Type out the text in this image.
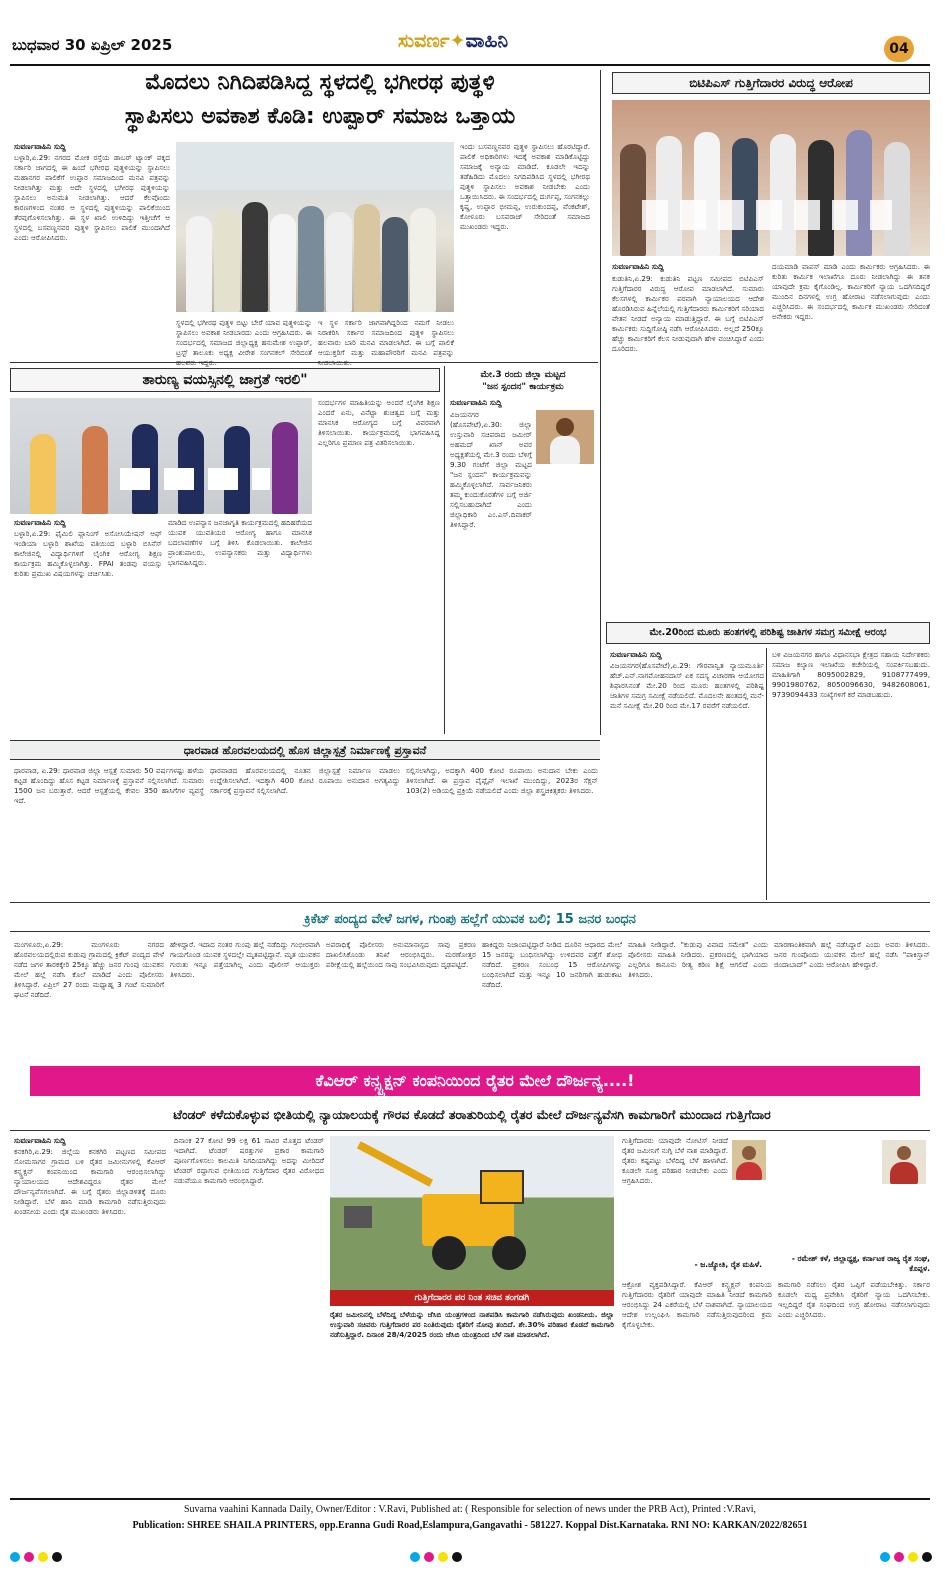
ಬುಧವಾರ 30 ಏಪ್ರಿಲ್ 2025	ಸುವರ್ಣ✦ವಾಹಿನಿ	04
ಮೊದಲು ನಿಗಿದಿಪಡಿಸಿದ್ದ ಸ್ಥಳದಲ್ಲಿ ಭಗೀರಥ ಪುತ್ಥಳಿ
ಸ್ಥಾಪಿಸಲು ಅವಕಾಶ ಕೊಡಿ: ಉಪ್ಪಾರ್ ಸಮಾಜ ಒತ್ತಾಯ
ಸುವರ್ಣವಾಹಿನಿ ಸುದ್ದಿ
ಬಳ್ಳಾರಿ,ಏ.29: ನಗರದ ಮೋಕ ರಸ್ತೆಯ ಡಾಬರ್ ಟ್ಯಾಂಕ್ ಪಕ್ಕದ ಸರ್ಕಾರಿ ಜಾಗದಲ್ಲಿ ಈ ಹಿಂದೆ ಭಗೀರಥ ಪುತ್ಥಳಿಯನ್ನು ಸ್ಥಾಪಿಸಲು ಮಹಾನಗರ ಪಾಲಿಕೆಗೆ ಉಪ್ಪಾರ ಸಮಾಜದಿಂದ ಮನವಿ ಪತ್ರವನ್ನು ನೀಡಲಾಗಿತ್ತು ಮತ್ತು ಅದೇ ಸ್ಥಳದಲ್ಲಿ ಭಗೀರಥ ಪುತ್ಥಳಿಯನ್ನು ಸ್ಥಾಪಿಸಲು ಅನುಮತಿ ನೀಡಲಾಗಿತ್ತು. ಆದರೆ ಕೆಲವೊಂದು ಕಾರಣಗಳಿಂದ ನಂತರ ಆ ಸ್ಥಳದಲ್ಲಿ ಪುತ್ಥಳಿಯನ್ನು ಪಾಲಿಕೆಯಿಂದ ತೆರವುಗೊಳಿಸಲಾಗಿತ್ತು. ಈ ಸ್ಥಳ ಖಾಲಿ ಉಳಿದಿದ್ದು ಇತ್ತೀಚೆಗೆ ಆ ಸ್ಥಳದಲ್ಲಿ ಬಸವಣ್ಣನವರ ಪುತ್ಥಳಿ ಸ್ಥಾಪಿಸಲು ಪಾಲಿಕೆ ಮುಂದಾಗಿದೆ ಎಂದು ಆರೋಪಿಸಿದರು.
ಸ್ಥಳದಲ್ಲಿ ಭಗೀರಥ ಪುತ್ಥಳಿ ಬಿಟ್ಟು ಬೇರೆ ಯಾವ ಪುತ್ಥಳಿಯನ್ನು ಸ್ಥಾಪಿಸಲು ಅವಕಾಶ ನೀಡಬಾರದು ಎಂದು ಆಗ್ರಹಿಸಿದರು. ಈ ಸಂದರ್ಭದಲ್ಲಿ ಸಮಾಜದ ಜಿಲ್ಲಾಧ್ಯಕ್ಷ ಹನುಮೇಶ ಉಪ್ಪಾರ್, ಟ್ರಸ್ಟ್ ತಾಲೂಕು ಅಧ್ಯಕ್ಷ ವೀರೇಶ ಸಂಗನಕಲ್ ಸೇರಿದಂತೆ
ಇ ಸ್ಥಳ ಸರ್ಕಾರಿ ಜಾಗವಾಗಿದ್ದರಿಂದ ನಮಗೆ ನೀಡಲು ನಿರಾಕರಿಸಿ ಸರ್ಕಾರ ಸಮಾಜದಿಂದ ಪುತ್ಥಳಿ ಸ್ಥಾಪಿಸಲು ಹಲವಾರು ಬಾರಿ ಮನವಿ ಮಾಡಲಾಗಿದೆ. ಈ ಬಗ್ಗೆ ಪಾಲಿಕೆ ಆಯುಕ್ತರಿಗೆ ಮತ್ತು ಮಹಾಪೌರರಿಗೆ ಮನವಿ ಪತ್ರವನ್ನು
ಇಂದು ಬಸವಣ್ಣನವರ ಪುತ್ಥಳಿ ಸ್ಥಾಪಿಸಲು ಹೊರಟಿದ್ದಾರೆ. ಪಾಲಿಕೆ ಅಧಿಕಾರಿಗಳು ಇದಕ್ಕೆ ಅವಕಾಶ ಮಾಡಿಕೊಟ್ಟಿದ್ದು ಸಮಾಜಕ್ಕೆ ಅನ್ಯಾಯ ಮಾಡಿದೆ. ಕೂಡಲೇ ಇದನ್ನು ತಡೆಹಿಡಿದು ಮೊದಲು ನಿಗದಿಪಡಿಸಿದ ಸ್ಥಳದಲ್ಲಿ ಭಗೀರಥ ಪುತ್ಥಳಿ ಸ್ಥಾಪಿಸಲು ಅವಕಾಶ ನೀಡಬೇಕು ಎಂದು ಒತ್ತಾಯಿಸಿದರು. ಈ ಸಂದರ್ಭದಲ್ಲಿ ದುರ್ಗಪ್ಪ, ಸಂಗನಕಲ್ಲು ಕೃಷ್ಣ, ಉಪ್ಪಾರ ಭೀಮಪ್ಪ, ಉರುಕುಂದಪ್ಪ, ವೆಂಕಟೇಶ್, ಕೋಳೂರು ಬಸವರಾಜ್ ಸೇರಿದಂತೆ ಸಮಾಜದ ಮುಖಂಡರು ಇದ್ದರು.
ಬಿಟಿಪಿಎಸ್ ಗುತ್ತಿಗೆದಾರರ ವಿರುದ್ಧ ಆರೋಪ
ಸುವರ್ಣವಾಹಿನಿ ಸುದ್ದಿ
ಕುಡುತಿನಿ,ಏ.29: ಕುಡುತಿನಿ ಪಟ್ಟಣ ಸಮೀಪದ ಬಿಟಿಪಿಎಸ್ ಗುತ್ತಿಗೆದಾರರ ವಿರುದ್ಧ ಆರೋಪ ಮಾಡಲಾಗಿದೆ. ಸುಮಾರು ಕೆಲಸಗಳಲ್ಲಿ ಕಾರ್ಮಿಕರ ಪರವಾಗಿ ನ್ಯಾಯಾಲಯದ ಆದೇಶ ಹೊರಡಿಸಿರುವ ಹಿನ್ನೆಲೆಯಲ್ಲಿ ಗುತ್ತಿಗೆದಾರರು ಕಾರ್ಮಿಕರಿಗೆ ಸರಿಯಾದ ವೇತನ ನೀಡದೆ ಅನ್ಯಾಯ ಮಾಡುತ್ತಿದ್ದಾರೆ. ಈ ಬಗ್ಗೆ ಬಿಟಿಪಿಎಸ್ ಕಾರ್ಮಿಕರು ಸುದ್ದಿಗೋಷ್ಠಿ ನಡೆಸಿ ಆರೋಪಿಸಿದರು. ಅಲ್ಲದೆ 250ಕ್ಕೂ ಹೆಚ್ಚು ಕಾರ್ಮಿಕರಿಗೆ ಕೆಲಸ ನೀಡುವುದಾಗಿ ಹೇಳಿ ವಂಚಿಸಿದ್ದಾರೆ ಎಂದು ದೂರಿದರು.
ದಯಮಾಡಿ ವಾಪಸ್ ಮಾಡಿ ಎಂದು ಕಾರ್ಮಿಕರು ಆಗ್ರಹಿಸಿದರು. ಈ ಕುರಿತು ಕಾರ್ಮಿಕ ಇಲಾಖೆಗೂ ದೂರು ನೀಡಲಾಗಿದ್ದು ಈ ತನಕ ಯಾವುದೇ ಕ್ರಮ ಕೈಗೊಂಡಿಲ್ಲ. ಕಾರ್ಮಿಕರಿಗೆ ನ್ಯಾಯ ಒದಗಿಸದಿದ್ದರೆ ಮುಂದಿನ ದಿನಗಳಲ್ಲಿ ಉಗ್ರ ಹೋರಾಟ ನಡೆಸಲಾಗುವುದು ಎಂದು ಎಚ್ಚರಿಸಿದರು. ಈ ಸಂದರ್ಭದಲ್ಲಿ ಕಾರ್ಮಿಕ ಮುಖಂಡರು ಸೇರಿದಂತೆ ಅನೇಕರು ಇದ್ದರು.
ತಾರುಣ್ಯ ವಯಸ್ಸಿನಲ್ಲಿ ಜಾಗ್ರತೆ ಇರಲಿ"
ಸುವರ್ಣವಾಹಿನಿ ಸುದ್ದಿ
ಬಳ್ಳಾರಿ,ಏ.29: ಫೈಮಿಲಿ ಪ್ಲಾನಿಂಗ್ ಅಸೋಸಿಯೇಷನ್ ಆಫ್ ಇಂಡಿಯಾ ಬಳ್ಳಾರಿ ಶಾಖೆಯ ವತಿಯಿಂದ ಬಳ್ಳಾರಿ ಬಿಸಿನೆಸ್ ಕಾಲೇಜಿನಲ್ಲಿ ವಿದ್ಯಾರ್ಥಿಗಳಿಗೆ ಲೈಂಗಿಕ ಆರೋಗ್ಯ ಶಿಕ್ಷಣ ಕಾರ್ಯಕ್ರಮ ಹಮ್ಮಿಕೊಳ್ಳಲಾಗಿತ್ತು. FPAI ತಂಡವು ವಯಸ್ಸು ಕುರಿತು ಪ್ರಮುಖ ವಿಷಯಗಳನ್ನು ಚರ್ಚಿಸಿತು.
ಮಾಡಿದ ಉಪನ್ಯಾಸ ಜನಜಾಗೃತಿ ಕಾರ್ಯಕ್ರಮದಲ್ಲಿ ಹದಿಹರೆಯದ ಯುವಕ ಯುವತಿಯರ ಆರೋಗ್ಯ ಹಾಗೂ ಮಾನಸಿಕ ಬದಲಾವಣೆಗಳ ಬಗ್ಗೆ ತಿಳಿಸಿ ಕೊಡಲಾಯಿತು. ಕಾಲೇಜಿನ ಪ್ರಾಂಶುಪಾಲರು, ಉಪನ್ಯಾಸಕರು ಮತ್ತು ವಿದ್ಯಾರ್ಥಿಗಳು ಭಾಗವಹಿಸಿದ್ದರು.
ಸಂದರ್ಭಗಳ ಮಾಹಿತಿಯನ್ನು ಅಂದರೆ ಲೈಂಗಿಕ ಶಿಕ್ಷಣ ಎಂದರೆ ಏನು, ವಿನೆಟ್ಟಾ ಶುಚಿತ್ವದ ಬಗ್ಗೆ ಮತ್ತು ಮಾನಸಿಕ ಆರೋಗ್ಯದ ಬಗ್ಗೆ ವಿವರವಾಗಿ ತಿಳಿಸಲಾಯಿತು. ಕಾರ್ಯಕ್ರಮದಲ್ಲಿ ಭಾಗವಹಿಸಿದ್ದ ಎಲ್ಲರಿಗೂ ಪ್ರಮಾಣ ಪತ್ರ ವಿತರಿಸಲಾಯಿತು.
ಮೇ.3 ರಂದು ಜಿಲ್ಲಾ ಮಟ್ಟದ
"ಜನ ಸ್ಪಂದನ" ಕಾರ್ಯಕ್ರಮ
ಸುವರ್ಣವಾಹಿನಿ ಸುದ್ದಿ
ವಿಜಯನಗರ (ಹೊಸಪೇಟೆ),ಏ.30: ಜಿಲ್ಲಾ ಉಸ್ತುವಾರಿ ಸಚಿವರಾದ ಜಮೀರ್ ಅಹಮದ್ ಖಾನ್ ಅವರ ಅಧ್ಯಕ್ಷತೆಯಲ್ಲಿ ಮೇ.3 ರಂದು ಬೆಳಿಗ್ಗೆ 9.30 ಗಂಟೆಗೆ ಜಿಲ್ಲಾ ಮಟ್ಟದ "ಜನ ಸ್ಪಂದನ" ಕಾರ್ಯಕ್ರಮವನ್ನು ಹಮ್ಮಿಕೊಳ್ಳಲಾಗಿದೆ. ಸಾರ್ವಜನಿಕರು ತಮ್ಮ ಕುಂದುಕೊರತೆಗಳ ಬಗ್ಗೆ ಅರ್ಜಿ ಸಲ್ಲಿಸಬಹುದಾಗಿದೆ ಎಂದು ಜಿಲ್ಲಾಧಿಕಾರಿ ಎಂ.ಎಸ್.ದಿವಾಕರ್ ತಿಳಿಸಿದ್ದಾರೆ.
ಮೇ.20ರಿಂದ ಮೂರು ಹಂತಗಳಲ್ಲಿ ಪರಿಶಿಷ್ಟ ಜಾತಿಗಳ ಸಮಗ್ರ ಸಮೀಕ್ಷೆ ಆರಂಭ
ಸುವರ್ಣವಾಹಿನಿ ಸುದ್ದಿ
ವಿಜಯನಗರ(ಹೊಸಪೇಟೆ),ಏ.29: ಗೌರವಾನ್ವಿತ ನ್ಯಾಯಮೂರ್ತಿ ಹೆಚ್.ಎನ್.ನಾಗಮೋಹನದಾಸ್ ಏಕ ಸದಸ್ಯ ವಿಚಾರಣಾ ಆಯೋಗದ ಶಿಫಾರಸಿನಂತೆ ಮೇ.20 ರಿಂದ ಮೂರು ಹಂತಗಳಲ್ಲಿ ಪರಿಶಿಷ್ಟ ಜಾತಿಗಳ ಸಮಗ್ರ ಸಮೀಕ್ಷೆ ನಡೆಯಲಿದೆ. ಮೊದಲನೇ ಹಂತದಲ್ಲಿ ಮನೆ-ಮನೆ ಸಮೀಕ್ಷೆ ಮೇ.20 ರಿಂದ ಮೇ.17 ರವರೆಗೆ ನಡೆಯಲಿದೆ.
ಬಳಿ ವಿಜಯನಗರ ಹಾಗೂ ವಿಧಾನಸಭಾ ಕ್ಷೇತ್ರದ ಸಹಾಯ ನಿರ್ದೇಶಕರು ಸಮಾಜ ಕಲ್ಯಾಣ ಇಲಾಖೆಯ ಕಚೇರಿಯಲ್ಲಿ ಸಂಪರ್ಕಿಸಬಹುದು. ಮಾಹಿತಿಗಾಗಿ 8095002829, 9108777499, 9901980762, 8050096630, 9482608061, 9739094433 ಸಂಖ್ಯೆಗಳಿಗೆ ಕರೆ ಮಾಡಬಹುದು.
ಧಾರವಾಡ ಹೊರವಲಯದಲ್ಲಿ ಹೊಸ ಜಿಲ್ಲಾಸ್ಪತ್ರೆ ನಿರ್ಮಾಣಕ್ಕೆ ಪ್ರಸ್ತಾವನೆ
ಧಾರವಾಡ, ಏ.29: ಧಾರವಾಡ ಜಿಲ್ಲಾ ಆಸ್ಪತ್ರೆ ಸುಮಾರು 50 ವರ್ಷಗಳಷ್ಟು ಹಳೆಯ ಕಟ್ಟಡ ಹೊಂದಿದ್ದು ಹೊಸ ಕಟ್ಟಡ ನಿರ್ಮಾಣಕ್ಕೆ ಪ್ರಸ್ತಾವನೆ ಸಲ್ಲಿಸಲಾಗಿದೆ. ಸುಮಾರು 1500 ಜನ ಬರುತ್ತಾರೆ. ಆದರೆ ಆಸ್ಪತ್ರೆಯಲ್ಲಿ ಕೇವಲ 350 ಹಾಸಿಗೆಗಳ ವ್ಯವಸ್ಥೆ ಇದೆ.
ಧಾರವಾಡದ ಹೊರವಲಯದಲ್ಲಿ ನೂತನ ಜಿಲ್ಲಾಸ್ಪತ್ರೆ ನಿರ್ಮಾಣ ಮಾಡಲು ಉದ್ದೇಶಿಸಲಾಗಿದೆ. ಇದಕ್ಕಾಗಿ 400 ಕೋಟಿ ರೂಪಾಯಿ ಅನುದಾನ ಅಗತ್ಯವಿದ್ದು ಸರ್ಕಾರಕ್ಕೆ ಪ್ರಸ್ತಾವನೆ ಸಲ್ಲಿಸಲಾಗಿದೆ.
ಸಲ್ಲಿಸಲಾಗಿದ್ದು, ಅದಕ್ಕಾಗಿ 400 ಕೋಟಿ ರೂಪಾಯಿ ಅನುದಾನ ಬೇಕು ಎಂದು ತಿಳಿಸಲಾಗಿದೆ. ಈ ಪ್ರಸ್ತಾವ ಪೈಪ್ಲೈನ್ ಇಲಾಖೆ ಮುಂದಿದ್ದು, 2023ರ ಸೆಕ್ಷನ್ 103(2) ಅಡಿಯಲ್ಲಿ ಪ್ರಕ್ರಿಯೆ ನಡೆಯಲಿದೆ ಎಂದು ಜಿಲ್ಲಾ ಶಸ್ತ್ರಚಿಕಿತ್ಸಕರು ತಿಳಿಸಿದರು.
ಕ್ರಿಕೆಟ್ ಪಂದ್ಯದ ವೇಳೆ ಜಗಳ, ಗುಂಪು ಹಲ್ಲೆಗೆ ಯುವಕ ಬಲಿ; 15 ಜನರ ಬಂಧನ
ಮಂಗಳೂರು,ಏ.29: ಮಂಗಳೂರು ನಗರದ ಹೊರವಲಯದಲ್ಲಿರುವ ಕುಡುಪು ಗ್ರಾಮದಲ್ಲಿ ಕ್ರಿಕೆಟ್ ಪಂದ್ಯದ ವೇಳೆ ನಡೆದ ಜಗಳ ತಾರಕಕ್ಕೇರಿ 25ಕ್ಕೂ ಹೆಚ್ಚು ಜನರ ಗುಂಪು ಯುವಕನ ಮೇಲೆ ಹಲ್ಲೆ ನಡೆಸಿ ಕೊಲೆ ಮಾಡಿದೆ ಎಂದು ಪೊಲೀಸರು ತಿಳಿಸಿದ್ದಾರೆ. ಏಪ್ರಿಲ್ 27 ರಂದು ಮಧ್ಯಾಹ್ನ 3 ಗಂಟೆ ಸುಮಾರಿಗೆ ಘಟನೆ ನಡೆದಿದೆ.
ಹೇಳಿದ್ದಾರೆ. ಇದಾದ ನಂತರ ಗುಂಪು ಹಲ್ಲೆ ನಡೆದಿದ್ದು ಗಂಭೀರವಾಗಿ ಗಾಯಗೊಂಡ ಯುವಕ ಸ್ಥಳದಲ್ಲೇ ಮೃತಪಟ್ಟಿದ್ದಾನೆ. ಮೃತ ಯುವಕನ ಗುರುತು ಇನ್ನೂ ಪತ್ತೆಯಾಗಿಲ್ಲ ಎಂದು ಪೊಲೀಸ್ ಆಯುಕ್ತರು ತಿಳಿಸಿದರು.
ಅಪರಾಧಿಕ್ಕೆ ಪೊಲೀಸರು ಅನುಮಾನಾಸ್ಪದ ಸಾವು ಪ್ರಕರಣ ದಾಖಲಿಸಿಕೊಂಡು ತನಿಖೆ ಆರಂಭಿಸಿದ್ದರು. ಮರಣೋತ್ತರ ಪರೀಕ್ಷೆಯಲ್ಲಿ ಹಲ್ಲೆಯಿಂದ ಸಾವು ಸಂಭವಿಸಿರುವುದು ದೃಢಪಟ್ಟಿದೆ.
ಹಾಕಿದ್ದರು ನಿಜಾಂಪಟ್ಟಿದ್ದಾರೆ ನೀಡಿದ ದೂರಿನ ಆಧಾರದ ಮೇಲೆ 15 ಜನರನ್ನು ಬಂಧಿಸಲಾಗಿದ್ದು ಉಳಿದವರ ಪತ್ತೆಗೆ ಶೋಧ ನಡೆದಿದೆ. ಪ್ರಕರಣ ಸಂಬಂಧ 15 ಆರೋಪಿಗಳನ್ನು ಬಂಧಿಸಲಾಗಿದೆ ಮತ್ತು ಇನ್ನೂ 10 ಜನರಿಗಾಗಿ ಹುಡುಕಾಟ ನಡೆದಿದೆ.
ಮಾಹಿತಿ ನೀಡಿದ್ದಾರೆ. "ಕುಡುಪು ವಿವಾದ ಸಮೇತ" ಎಂದು ಪೊಲೀಸರು ಮಾಹಿತಿ ನೀಡಿದರು. ಪ್ರಕರಣದಲ್ಲಿ ಭಾಗಿಯಾದ ಎಲ್ಲರಿಗೂ ಕಾನೂನು ರೀತ್ಯ ಕಠಿಣ ಶಿಕ್ಷೆ ಆಗಲಿದೆ ಎಂದು ತಿಳಿಸಿದರು.
ಮಾರಣಾಂತಿಕವಾಗಿ ಹಲ್ಲೆ ನಡೆಸಿದ್ದಾರೆ ಎಂದು ಅವರು ತಿಳಿಸಿದರು. ಜನರ ಗುಂಪೊಂದು ಯುವಕನ ಮೇಲೆ ಹಲ್ಲೆ ನಡೆಸಿ "ಪಾಕಿಸ್ತಾನ್ ಜಿಂದಾಬಾದ್" ಎಂದು ಆರೋಪಿಸಿ ಹೇಳಿದ್ದಾರೆ.
ಕೆವಿಆರ್ ಕನ್ಸ್ಟ್ರಕ್ಷನ್ ಕಂಪನಿಯಿಂದ ರೈತರ ಮೇಲೆ ದೌರ್ಜನ್ಯ....!
ಟೆಂಡರ್ ಕಳೆದುಕೊಳ್ಳುವ ಭೀತಿಯಲ್ಲಿ ನ್ಯಾಯಾಲಯಕ್ಕೆ ಗೌರವ ಕೊಡದೆ ತರಾತುರಿಯಲ್ಲಿ ರೈತರ ಮೇಲೆ ದೌರ್ಜನ್ಯವೆಸಗಿ ಕಾಮಗಾರಿಗೆ ಮುಂದಾದ ಗುತ್ತಿಗೆದಾರ
ಸುವರ್ಣವಾಹಿನಿ ಸುದ್ದಿ
ಕನಕಗಿರಿ,ಏ.29: ಜಿಲ್ಲೆಯ ಕನಕಗಿರಿ ಪಟ್ಟಣದ ಸಮೀಪದ ಸೋಮಸಾಗರ ಗ್ರಾಮದ ಬಳಿ ರೈತರ ಜಮೀನುಗಳಲ್ಲಿ ಕೆವಿಆರ್ ಕನ್ಸ್ಟ್ರಕ್ಷನ್ ಕಂಪನಿಯಿಂದ ಕಾಮಗಾರಿ ಆರಂಭಿಸಲಾಗಿದ್ದು ನ್ಯಾಯಾಲಯದ ಆದೇಶವಿದ್ದರೂ ರೈತರ ಮೇಲೆ ದೌರ್ಜನ್ಯವೆಸಗಲಾಗಿದೆ. ಈ ಬಗ್ಗೆ ರೈತರು ಜಿಲ್ಲಾಡಳಿತಕ್ಕೆ ದೂರು ನೀಡಿದ್ದಾರೆ. ಬೆಳೆ ಹಾನಿ ಮಾಡಿ ಕಾಮಗಾರಿ ನಡೆಸುತ್ತಿರುವುದು ಖಂಡನೀಯ ಎಂದು ರೈತ ಮುಖಂಡರು ತಿಳಿಸಿದರು.
ದಿನಾಂಕ 27 ಕೋಟಿ 99 ಲಕ್ಷ 61 ಸಾವಿರ ಮೊತ್ತದ ಟೆಂಡರ್ ಇದಾಗಿದೆ. ಟೆಂಡರ್ ಷರತ್ತುಗಳ ಪ್ರಕಾರ ಕಾಮಗಾರಿ ಪೂರ್ಣಗೊಳಿಸಲು ಕಾಲಮಿತಿ ನಿಗದಿಯಾಗಿದ್ದು ಅದನ್ನು ಮೀರಿದರೆ ಟೆಂಡರ್ ರದ್ದಾಗುವ ಭೀತಿಯಿಂದ ಗುತ್ತಿಗೆದಾರ ರೈತರ ವಿರೋಧದ ನಡುವೆಯೂ ಕಾಮಗಾರಿ ಆರಂಭಿಸಿದ್ದಾರೆ.
ಗುತ್ತಿಗೆದಾರರ ಪರ ನಿಂತ ಸಚಿವ ತಂಗಡಗಿ
ರೈತರ ಜಮೀನಿನಲ್ಲಿ ಬೆಳೆದಿದ್ದ ಬೆಳೆಯನ್ನು ಜೆಸಿಬಿ ಯಂತ್ರಗಳಿಂದ ನಾಶಪಡಿಸಿ ಕಾಮಗಾರಿ ನಡೆಸಿರುವುದು ಖಂಡನೀಯ. ಜಿಲ್ಲಾ ಉಸ್ತುವಾರಿ ಸಚಿವರು ಗುತ್ತಿಗೆದಾರರ ಪರ ನಿಂತಿರುವುದು ರೈತರಿಗೆ ನೋವು ತಂದಿದೆ. ಶೇ.30% ಪರಿಹಾರ ಕೊಡದೆ ಕಾಮಗಾರಿ ನಡೆಸುತ್ತಿದ್ದಾರೆ. ದಿನಾಂಕ 28/4/2025 ರಂದು ಜೆಸಿಬಿ ಯಂತ್ರದಿಂದ ಬೆಳೆ ನಾಶ ಮಾಡಲಾಗಿದೆ.
ಗುತ್ತಿಗೆದಾರರು ಯಾವುದೇ ನೋಟಿಸ್ ನೀಡದೆ ರೈತರ ಜಮೀನಿಗೆ ನುಗ್ಗಿ ಬೆಳೆ ನಾಶ ಮಾಡಿದ್ದಾರೆ. ರೈತರು ಕಷ್ಟಪಟ್ಟು ಬೆಳೆದಿದ್ದ ಬೆಳೆ ಹಾಳಾಗಿದೆ. ಕೂಡಲೇ ಸೂಕ್ತ ಪರಿಹಾರ ನೀಡಬೇಕು ಎಂದು ಆಗ್ರಹಿಸಿದರು.
- ಜ.ಜ್ಯೋತಿ, ರೈತ ಮಹಿಳೆ.
- ರಮೇಶ್ ಕಳೆ, ಜಿಲ್ಲಾಧ್ಯಕ್ಷ, ಕರ್ನಾಟಕ ರಾಜ್ಯ ರೈತ ಸಂಘ, ಕೊಪ್ಪಳ.
ಆಕ್ರೋಶ ವ್ಯಕ್ತಪಡಿಸಿದ್ದಾರೆ. ಕೆವಿಆರ್ ಕನ್ಸ್ಟ್ರಕ್ಷನ್ ಕಂಪನಿಯ ಗುತ್ತಿಗೆದಾರರು ರೈತರಿಗೆ ಯಾವುದೇ ಮಾಹಿತಿ ನೀಡದೆ ಕಾಮಗಾರಿ ಆರಂಭಿಸಿದ್ದು 24 ಎಕರೆಯಲ್ಲಿ ಬೆಳೆ ನಾಶವಾಗಿದೆ. ನ್ಯಾಯಾಲಯದ ಆದೇಶ ಉಲ್ಲಂಘಿಸಿ ಕಾಮಗಾರಿ ನಡೆಸುತ್ತಿರುವುದರಿಂದ ಕ್ರಮ ಕೈಗೊಳ್ಳಬೇಕು.
ಕಾಮಗಾರಿ ನಡೆಸಲು ರೈತರ ಒಪ್ಪಿಗೆ ಪಡೆಯಬೇಕಿತ್ತು. ಸರ್ಕಾರ ಕೂಡಲೇ ಮಧ್ಯ ಪ್ರವೇಶಿಸಿ ರೈತರಿಗೆ ನ್ಯಾಯ ಒದಗಿಸಬೇಕು. ಇಲ್ಲದಿದ್ದರೆ ರೈತ ಸಂಘದಿಂದ ಉಗ್ರ ಹೋರಾಟ ನಡೆಸಲಾಗುವುದು ಎಂದು ಎಚ್ಚರಿಸಿದರು.
Suvarna vaahini Kannada Daily, Owner/Editor : V.Ravi, Published at: ( Responsible for selection of news under the PRB Act), Printed :V.Ravi,
Publication: SHREE SHAILA PRINTERS, opp.Eranna Gudi Road,Eslampura,Gangavathi - 581227. Koppal Dist.Karnataka. RNI NO: KARKAN/2022/82651
